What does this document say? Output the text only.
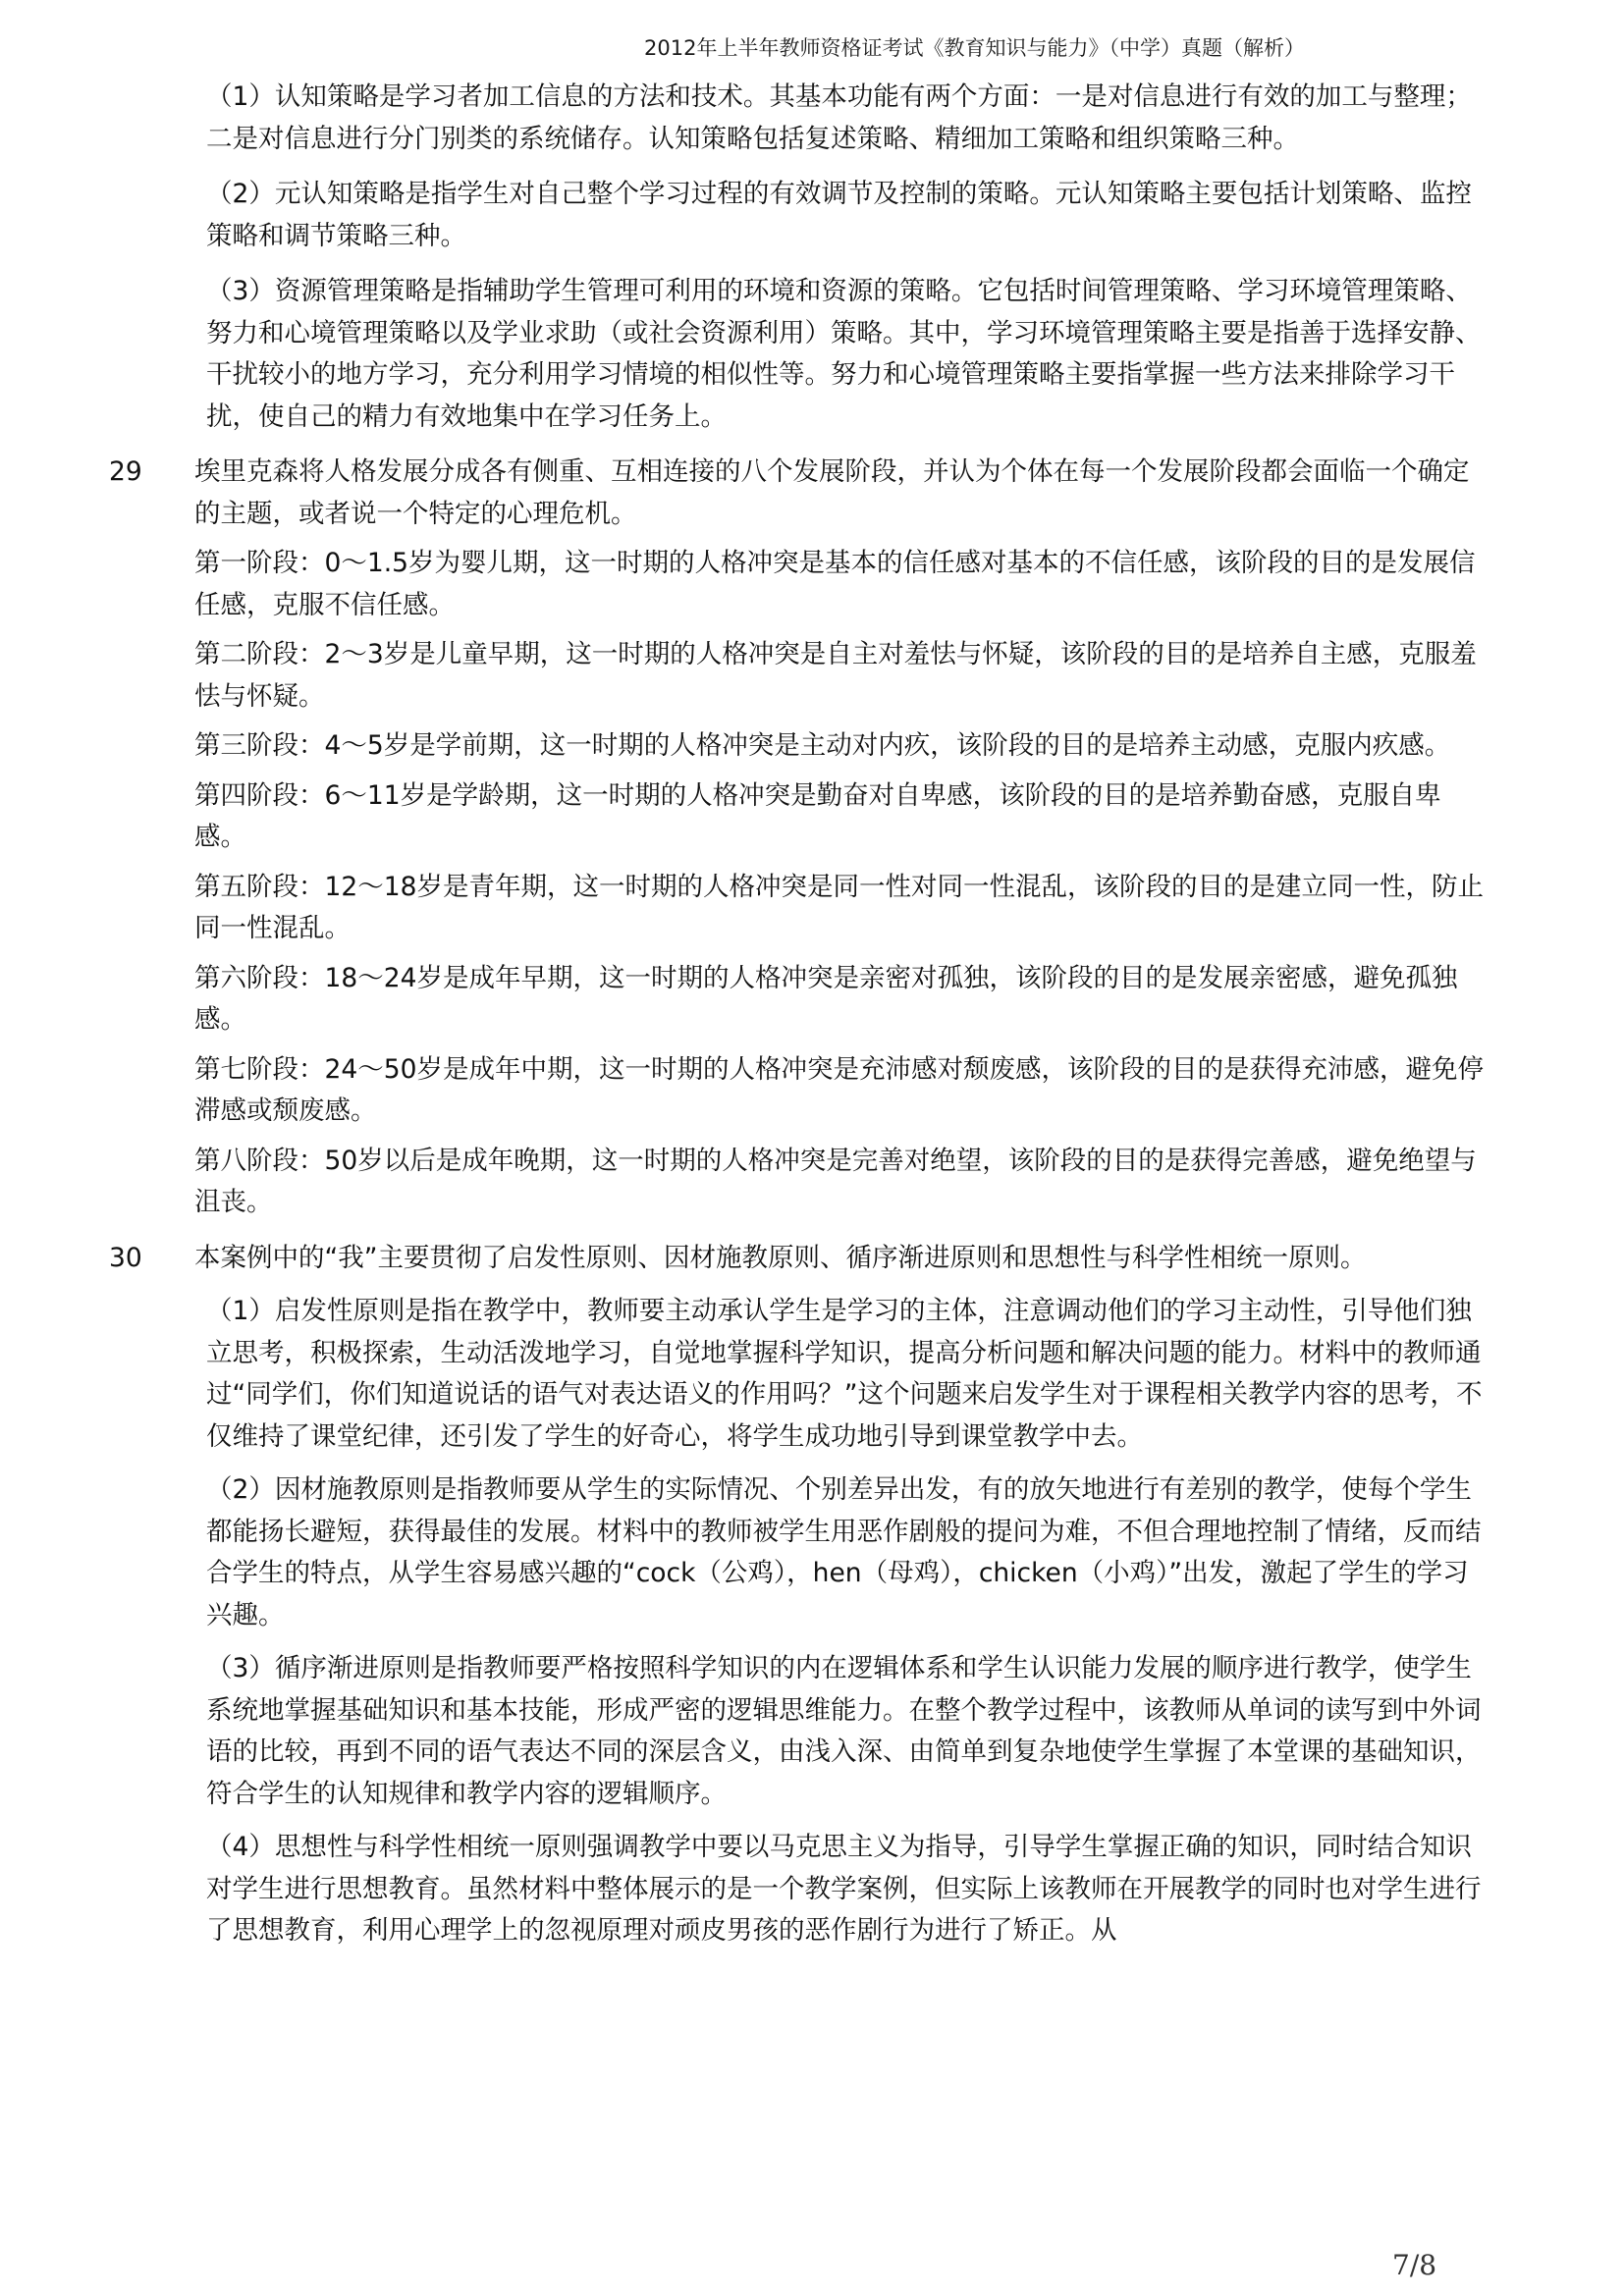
2012年上半年教师资格证考试《教育知识与能力》（中学）真题（解析）

（1）认知策略是学习者加工信息的方法和技术。其基本功能有两个方面：一是对信息进行有效的加工与整理；二是对信息进行分门别类的系统储存。认知策略包括复述策略、精细加工策略和组织策略三种。

（2）元认知策略是指学生对自己整个学习过程的有效调节及控制的策略。元认知策略主要包括计划策略、监控策略和调节策略三种。

（3）资源管理策略是指辅助学生管理可利用的环境和资源的策略。它包括时间管理策略、学习环境管理策略、努力和心境管理策略以及学业求助（或社会资源利用）策略。其中，学习环境管理策略主要是指善于选择安静、干扰较小的地方学习，充分利用学习情境的相似性等。努力和心境管理策略主要指掌握一些方法来排除学习干扰，使自己的精力有效地集中在学习任务上。

29 埃里克森将人格发展分成各有侧重、互相连接的八个发展阶段，并认为个体在每一个发展阶段都会面临一个确定的主题，或者说一个特定的心理危机。

第一阶段：0～1.5岁为婴儿期，这一时期的人格冲突是基本的信任感对基本的不信任感，该阶段的目的是发展信任感，克服不信任感。

第二阶段：2～3岁是儿童早期，这一时期的人格冲突是自主对羞怯与怀疑，该阶段的目的是培养自主感，克服羞怯与怀疑。

第三阶段：4～5岁是学前期，这一时期的人格冲突是主动对内疚，该阶段的目的是培养主动感，克服内疚感。

第四阶段：6～11岁是学龄期，这一时期的人格冲突是勤奋对自卑感，该阶段的目的是培养勤奋感，克服自卑感。

第五阶段：12～18岁是青年期，这一时期的人格冲突是同一性对同一性混乱，该阶段的目的是建立同一性，防止同一性混乱。

第六阶段：18～24岁是成年早期，这一时期的人格冲突是亲密对孤独，该阶段的目的是发展亲密感，避免孤独感。

第七阶段：24～50岁是成年中期，这一时期的人格冲突是充沛感对颓废感，该阶段的目的是获得充沛感，避免停滞感或颓废感。

第八阶段：50岁以后是成年晚期，这一时期的人格冲突是完善对绝望，该阶段的目的是获得完善感，避免绝望与沮丧。

30 本案例中的“我”主要贯彻了启发性原则、因材施教原则、循序渐进原则和思想性与科学性相统一原则。

（1）启发性原则是指在教学中，教师要主动承认学生是学习的主体，注意调动他们的学习主动性，引导他们独立思考，积极探索，生动活泼地学习，自觉地掌握科学知识，提高分析问题和解决问题的能力。材料中的教师通过“同学们，你们知道说话的语气对表达语义的作用吗？”这个问题来启发学生对于课程相关教学内容的思考，不仅维持了课堂纪律，还引发了学生的好奇心，将学生成功地引导到课堂教学中去。

（2）因材施教原则是指教师要从学生的实际情况、个别差异出发，有的放矢地进行有差别的教学，使每个学生都能扬长避短，获得最佳的发展。材料中的教师被学生用恶作剧般的提问为难，不但合理地控制了情绪，反而结合学生的特点，从学生容易感兴趣的“cock（公鸡），hen（母鸡），chicken（小鸡）”出发，激起了学生的学习兴趣。

（3）循序渐进原则是指教师要严格按照科学知识的内在逻辑体系和学生认识能力发展的顺序进行教学，使学生系统地掌握基础知识和基本技能，形成严密的逻辑思维能力。在整个教学过程中，该教师从单词的读写到中外词语的比较，再到不同的语气表达不同的深层含义，由浅入深、由简单到复杂地使学生掌握了本堂课的基础知识，符合学生的认知规律和教学内容的逻辑顺序。

（4）思想性与科学性相统一原则强调教学中要以马克思主义为指导，引导学生掌握正确的知识，同时结合知识对学生进行思想教育。虽然材料中整体展示的是一个教学案例，但实际上该教师在开展教学的同时也对学生进行了思想教育，利用心理学上的忽视原理对顽皮男孩的恶作剧行为进行了矫正。从

7/8
